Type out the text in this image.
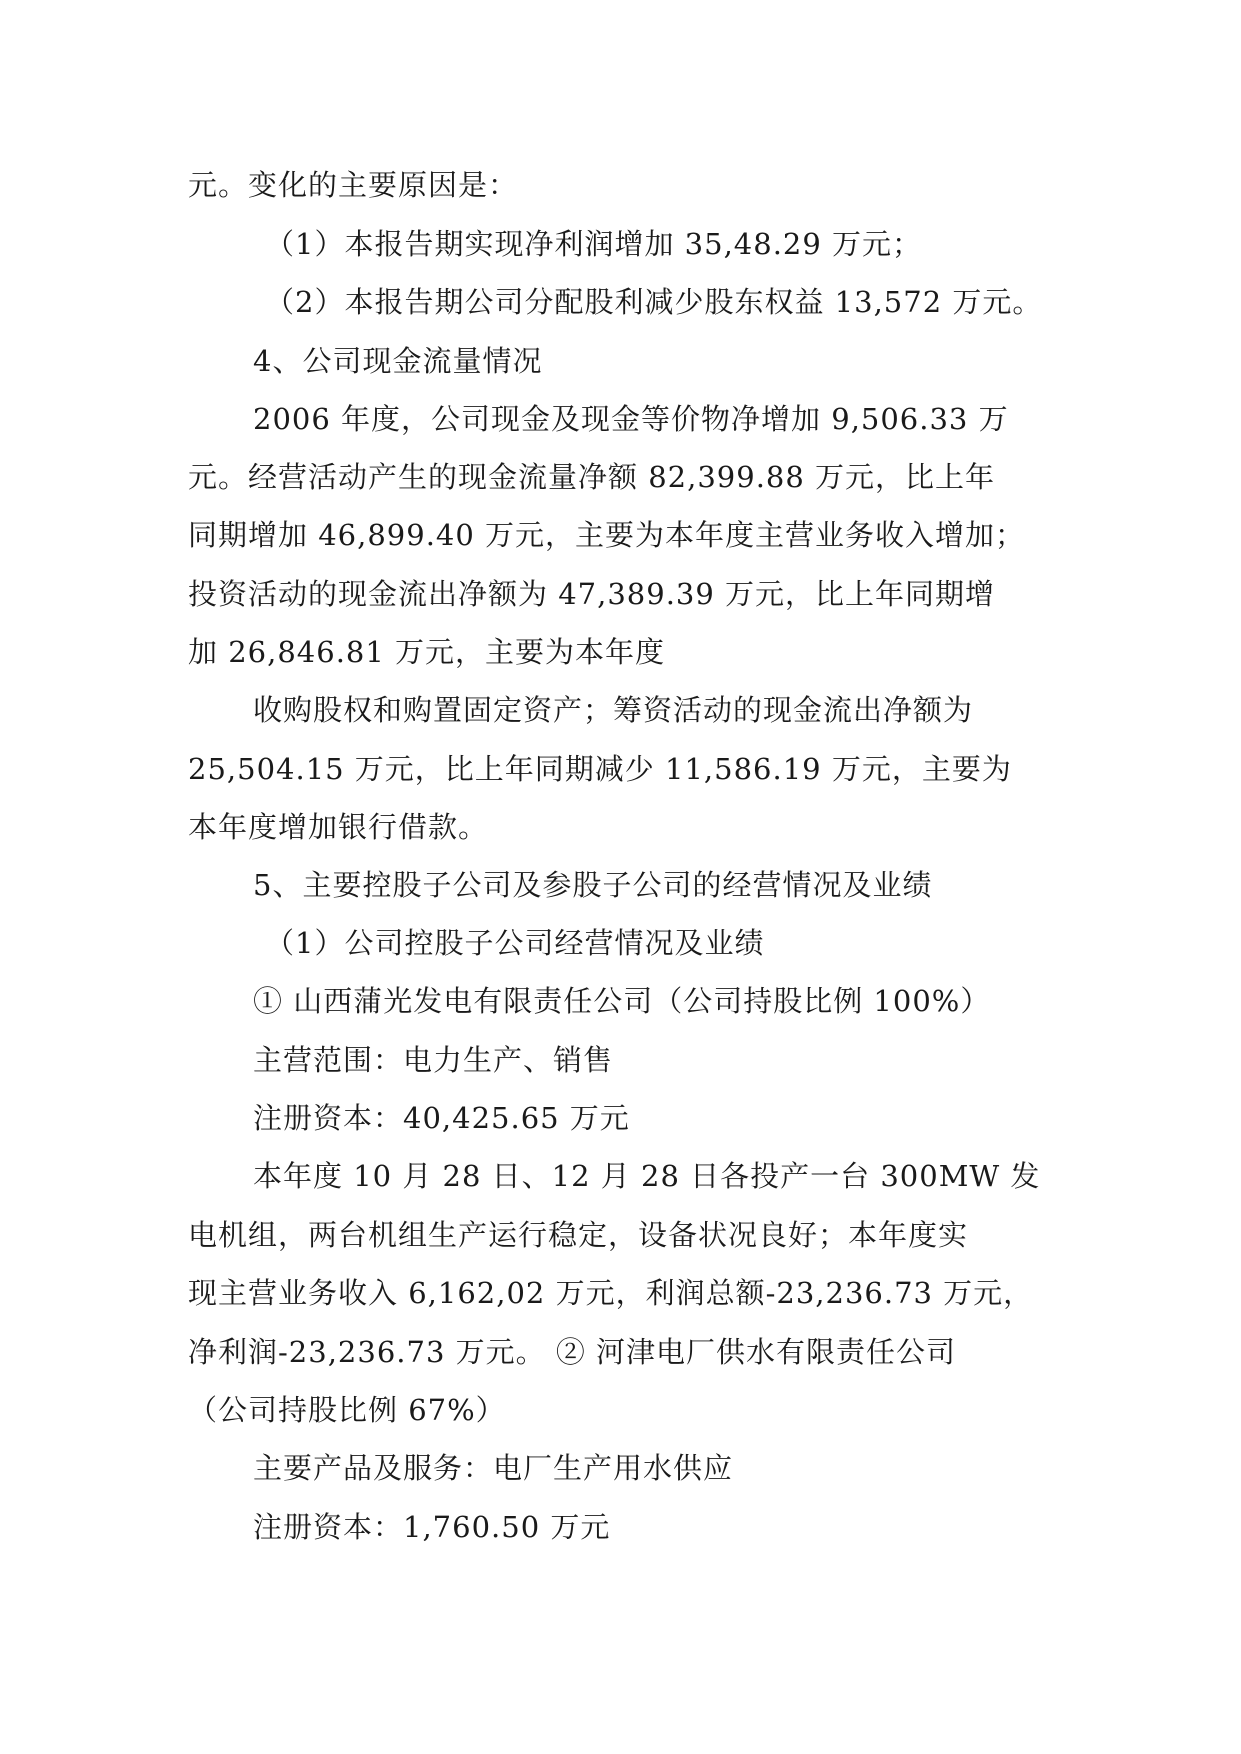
元。变化的主要原因是：
（1）本报告期实现净利润增加 35,48.29 万元；
（2）本报告期公司分配股利减少股东权益 13,572 万元。
4、公司现金流量情况
2006 年度，公司现金及现金等价物净增加 9,506.33 万
元。经营活动产生的现金流量净额 82,399.88 万元，比上年
同期增加 46,899.40 万元，主要为本年度主营业务收入增加；
投资活动的现金流出净额为 47,389.39 万元，比上年同期增
加 26,846.81 万元，主要为本年度
收购股权和购置固定资产；筹资活动的现金流出净额为
25,504.15 万元，比上年同期减少 11,586.19 万元，主要为
本年度增加银行借款。
5、主要控股子公司及参股子公司的经营情况及业绩
（1）公司控股子公司经营情况及业绩
① 山西蒲光发电有限责任公司（公司持股比例 100%）
主营范围：电力生产、销售
注册资本：40,425.65 万元
本年度 10 月 28 日、12 月 28 日各投产一台 300MW 发
电机组，两台机组生产运行稳定，设备状况良好；本年度实
现主营业务收入 6,162,02 万元，利润总额-23,236.73 万元，
净利润-23,236.73 万元。 ② 河津电厂供水有限责任公司
（公司持股比例 67%）
主要产品及服务：电厂生产用水供应
注册资本：1,760.50 万元
